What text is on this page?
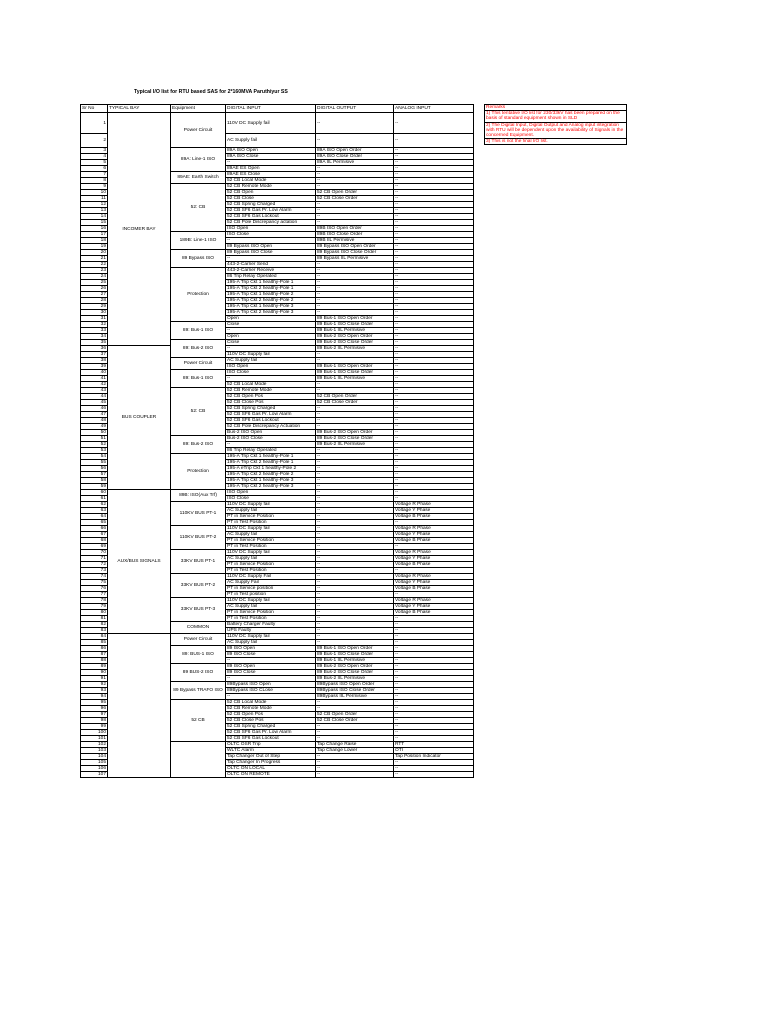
Typical I/O list for RTU based SAS for 2*160MVA Paruthiyur SS
Sr No	TYPICAL BAY	Equipment	DIGITAL INPUT	DIGITAL OUTPUT	ANALOG INPUT
1	INCOMER BAY	Power Circuit	110V DC Supply fail	--	--
2			AC Supply fail	--	--
3		89A: Line-1 ISO	89A ISO Open	89A ISO Open Order	--
4			89A ISO Close	89A ISO Close Order	--
5			--	89A IIL Permisive	--
6			89AE ES Open	--	--
7		89AE: Earth Switch	89AE ES Close	--	--
8			52 CB Local Mode	--	--
9		52: CB	52 CB Remote Mode	--	--
10			52 CB Open	52 CB Open Order	--
11			52 CB Close	52 CB Close Order	--
12			52 CB Spring Charged	--	--
13			52 CB SF6 Gas Pr. Low Alarm	--	--
14			52 CB SF6 Gas Lockout	--	--
15			52 CB Pole Discrepancy actation	--	--
16			ISO Open	89B ISO Open Order	--
17		189B: Line-1 ISO	ISO Close	89B ISO Close Order	--
18			--	89B IIL Permisive	--
19			89 Bypass ISO Open	89 Bypass ISO Open Order	--
20		89 Bypass ISO	89 Bypass ISO Close	89 Bypass ISO Close Order	--
21			--	89 Bypass IIL Permisive	--
22			443-2-Carrier Send	--	--
23		Protection	443-2-Carrier Receive	--	--
24			86 Trip Relay Operated	--	--
25			195-A Trip Ckt 1 healthy-Pole 1	--	--
26			195-A Trip Ckt 2 healthy-Pole 1	--	--
27			195-A Trip Ckt 1 healthy-Pole 2	--	--
28			195-A Trip Ckt 2 healthy-Pole 2	--	--
29			195-A Trip Ckt 1 healthy-Pole 3	--	--
30			195-A Trip Ckt 2 healthy-Pole 3	--	--
31			Open	89 Bus-1 ISO Open Order	--
32		89: Bus-1 ISO	Close	89 Bus-1 ISO Close Order	--
33			--	89 Bus-1 IIL Permisive	--
34			Open	89 Bus-2 ISO Open Order	--
35		89: Bus-2 ISO	Close	89 Bus-2 ISO Close Order	--
36	BUS COUPLER		--	89 Bus-2 IIL Permisive	--
37			110V DC Supply fail	--	--
38		Power Circuit	AC Supply fail	--	--
39			ISO Open	89 Bus-1 ISO Open Order	--
40		89: Bus-1 ISO	ISO Close	89 Bus-1 ISO Close Order	--
41			--	89 Bus-1 IIL Permisive	--
42			52 CB Local Mode	--	--
43		52: CB	52 CB Remote Mode	--	--
44			52 CB Open Pos	52 CB Open Order	--
45			52 CB Close Pos	52 CB Close Order	--
46			52 CB Spring Charged	--	--
47			52 CB SF6 Gas Pr. Low Alarm	--	--
48			52 CB SF6 Gas Lockout	--	--
49			52 CB Pole Discrepancy Actuation	--	--
50			Bus-2 ISO Open	89 Bus-2 ISO Open Order	--
51		89: Bus-2 ISO	Bus-2 ISO Close	89 Bus-2 ISO Close Order	--
52			--	89 Bus-2 IIL Permisive	--
53			86 Trip Relay Operated	--	--
54		Protection	195-A Trip Ckt 1 healthy-Pole 1	--	--
55			195-A Trip Ckt 2 healthy-Pole 1	--	--
56			195-A eTrip Ckt 1 healthy-Pole 2	--	--
57			195-A Trip Ckt 2 healthy-Pole 2	--	--
58			195-A Trip Ckt 1 healthy-Pole 3	--	--
59			195-A Trip Ckt 2 healthy-Pole 3	--	--
60	AUX/BUS SIGNALS	89B: ISO(Aux Trf)	ISO Open	--	--
61			ISO Close	--	--
62		110KV BUS PT-1	110V DC Supply fail	--	Voltage R Phase
63			AC Supply fail	--	Voltage Y Phase
64			PT in Service Position	--	Voltage B Phase
65			PT in Test Position	--	--
66		110KV BUS PT-2	110V DC Supply fail	--	Voltage R Phase
67			AC Supply fail	--	Voltage Y Phase
68			PT in Service Position	--	Voltage B Phase
69			PT in Test Position	--	--
70		33KV BUS PT-1	110V DC Supply fail	--	Voltage R Phase
71			AC Supply fail	--	Voltage Y Phase
72			PT in Service Position	--	Voltage B Phase
73			PT in Test Position	--	--
74		33KV BUS PT-2	110V DC Supply Fail	--	Voltage R Phase
75			AC Supply Fail	--	Voltage Y Phase
76			PT in Service position	--	Voltage B Phase
77			PT in Test position	--	--
78		33KV BUS PT-3	110V DC Supply fail	--	Voltage R Phase
79			AC Supply fail	--	Voltage Y Phase
80			PT in Service Position	--	Voltage B Phase
81			PT in Test Position	--	--
82		COMMON	Battery Charger Faulty	--	--
83			UPS Faulty	--	--
84		Power Circuit	110V DC Supply fail	--	--
85			AC Supply fail	--	--
86		89: BUS-1 ISO	89 ISO Open	89 Bus-1 ISO Open Order	--
87			89 ISO Close	89 Bus-1 ISO Close Order	--
88			--	89 Bus-1 IIL Permisive	--
89		89 BUS-2 ISO	89 ISO Open	89 Bus-2 ISO Open Order	--
90			89 ISO Close	89 Bus-2 ISO Close Order	--
91			--	89 Bus-2 IIL Permisive	--
92		89 Bypass TRAFO ISO	89Bypass ISO Open	89Bypass ISO Open Order	--
93			89Bypass ISO CLose	89Bypass ISO Close Order	--
94			--	89Bypass IIL Permisive	--
95		52 CB	52 CB Local Mode	--	--
96			52 CB Remote Mode	--	--
97			52 CB Open Pos	52 CB Open Order	--
98			52 CB Close Pos	52 CB Close Order	--
99			52 CB Spring Charged	--	--
100			52 CB SF6 Gas Pr. Low Alarm	--	--
101			52 CB SF6 Gas Lockout	--	--
102			OLTC OSR Trip	Tap Change Raise	RTT
103			WLTC Alarm	Tap Change Lower	OTI
104			Tap Changer Out of Step	--	Tap Position Indicator
105			Tap Changer In Progress	--	--
106			OLTC ON LOCAL	--	--
107			OLTC ON REMOTE	--	--
Remarks
1) This tentative I/O list for 230/33kV has been prepared on the basis of standard equipment shown in SLD
2) The Digital Input, Digital Output and Analog input integration with RTU will be dependent upon the availability of Signals in the concerned Equipment.
3) This is not the final I/O list.
